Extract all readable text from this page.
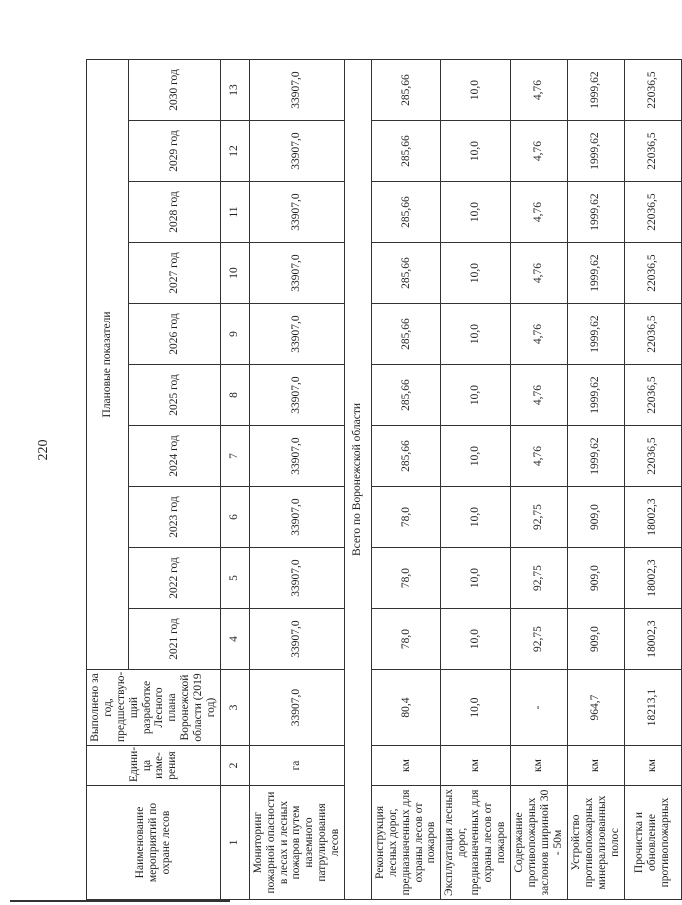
220
Наименование мероприятий по охране лесов	Едини-ца изме-рения	Выполнено за год, предшествую-щий разработке Лесного плана Воронежской области (2019 год)	Плановые показатели									
			2021 год	2022 год	2023 год	2024 год	2025 год	2026 год	2027 год	2028 год	2029 год	2030 год
1	2	3	4	5	6	7	8	9	10	11	12	13
Мониторинг пожарной опасности в лесах и лесных пожаров путем наземного патрулирования лесов	га	33907,0	33907,0	33907,0	33907,0	33907,0	33907,0	33907,0	33907,0	33907,0	33907,0	33907,0
Всего по Воронежской области												
Реконструкция лесных дорог, предназначенных для охраны лесов от пожаров	км	80,4	78,0	78,0	78,0	285,66	285,66	285,66	285,66	285,66	285,66	285,66
Эксплуатация лесных дорог, предназначенных для охраны лесов от пожаров	км	10,0	10,0	10,0	10,0	10,0	10,0	10,0	10,0	10,0	10,0	10,0
Содержание противопожарных заслонов шириной 30 - 50м	км	-	92,75	92,75	92,75	4,76	4,76	4,76	4,76	4,76	4,76	4,76
Устройство противопожарных минерализованных полос	км	964,7	909,0	909,0	909,0	1999,62	1999,62	1999,62	1999,62	1999,62	1999,62	1999,62
Прочистка и обновление противопожарных	км	18213,1	18002,3	18002,3	18002,3	22036,5	22036,5	22036,5	22036,5	22036,5	22036,5	22036,5
